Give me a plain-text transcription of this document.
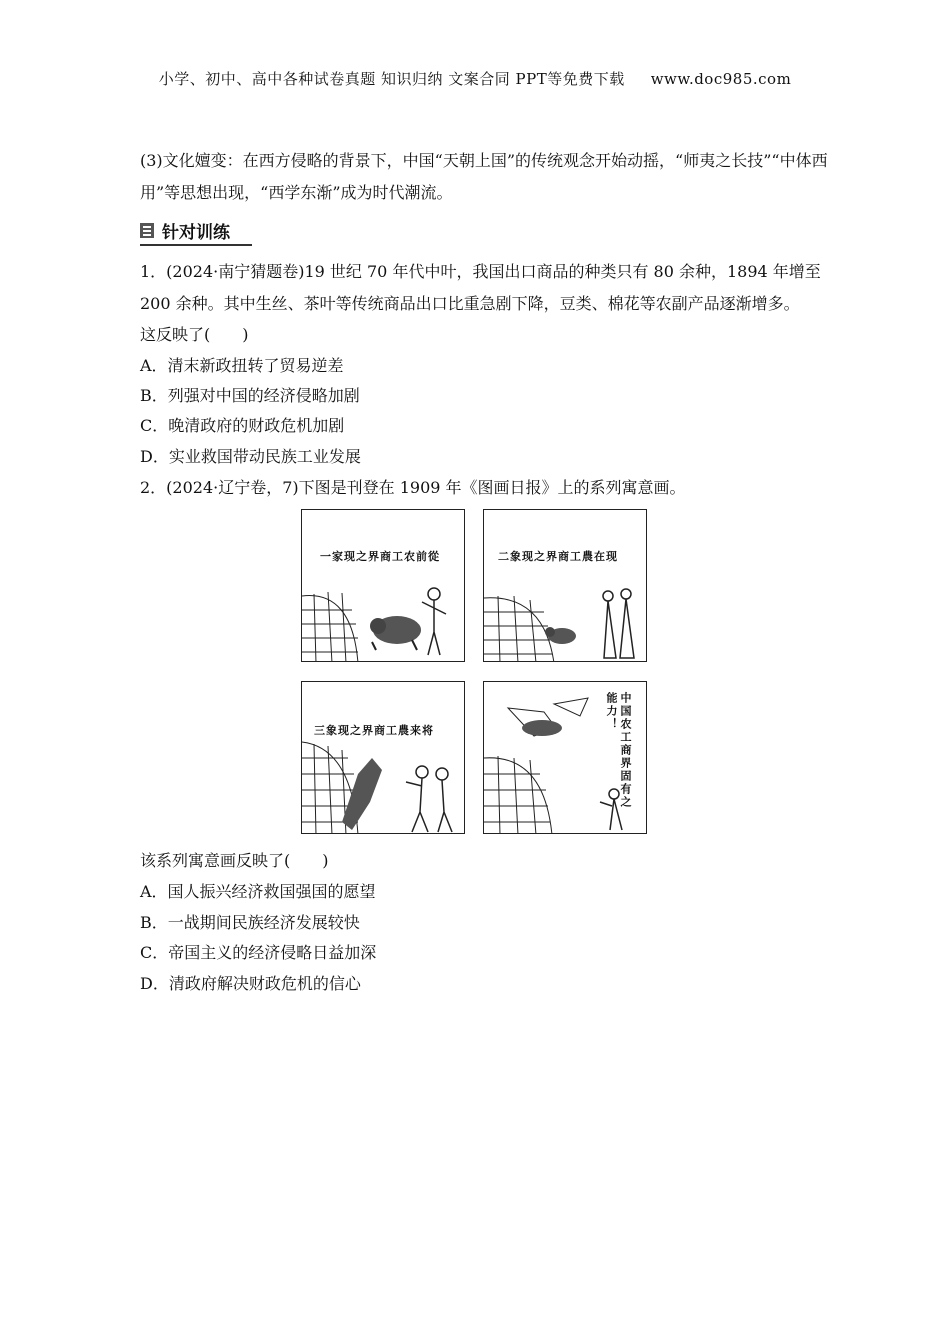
小学、初中、高中各种试卷真题 知识归纳 文案合同 PPT等免费下载 www.doc985.com
(3)文化嬗变：在西方侵略的背景下，中国“天朝上国”的传统观念开始动摇，“师夷之长技”“中体西用”等思想出现，“西学东渐”成为时代潮流。
针对训练
1．(2024·南宁猜题卷)19 世纪 70 年代中叶，我国出口商品的种类只有 80 余种，1894 年增至
200 余种。其中生丝、茶叶等传统商品出口比重急剧下降，豆类、棉花等农副产品逐渐增多。
这反映了(　　)
A．清末新政扭转了贸易逆差
B．列强对中国的经济侵略加剧
C．晚清政府的财政危机加剧
D．实业救国带动民族工业发展
2．(2024·辽宁卷，7)下图是刊登在 1909 年《图画日报》上的系列寓意画。
一家现之界商工农前從	二象现之界商工農在现
三象现之界商工農来将	中国农工商界固有之能力！
该系列寓意画反映了(　　)
A．国人振兴经济救国强国的愿望
B．一战期间民族经济发展较快
C．帝国主义的经济侵略日益加深
D．清政府解决财政危机的信心
